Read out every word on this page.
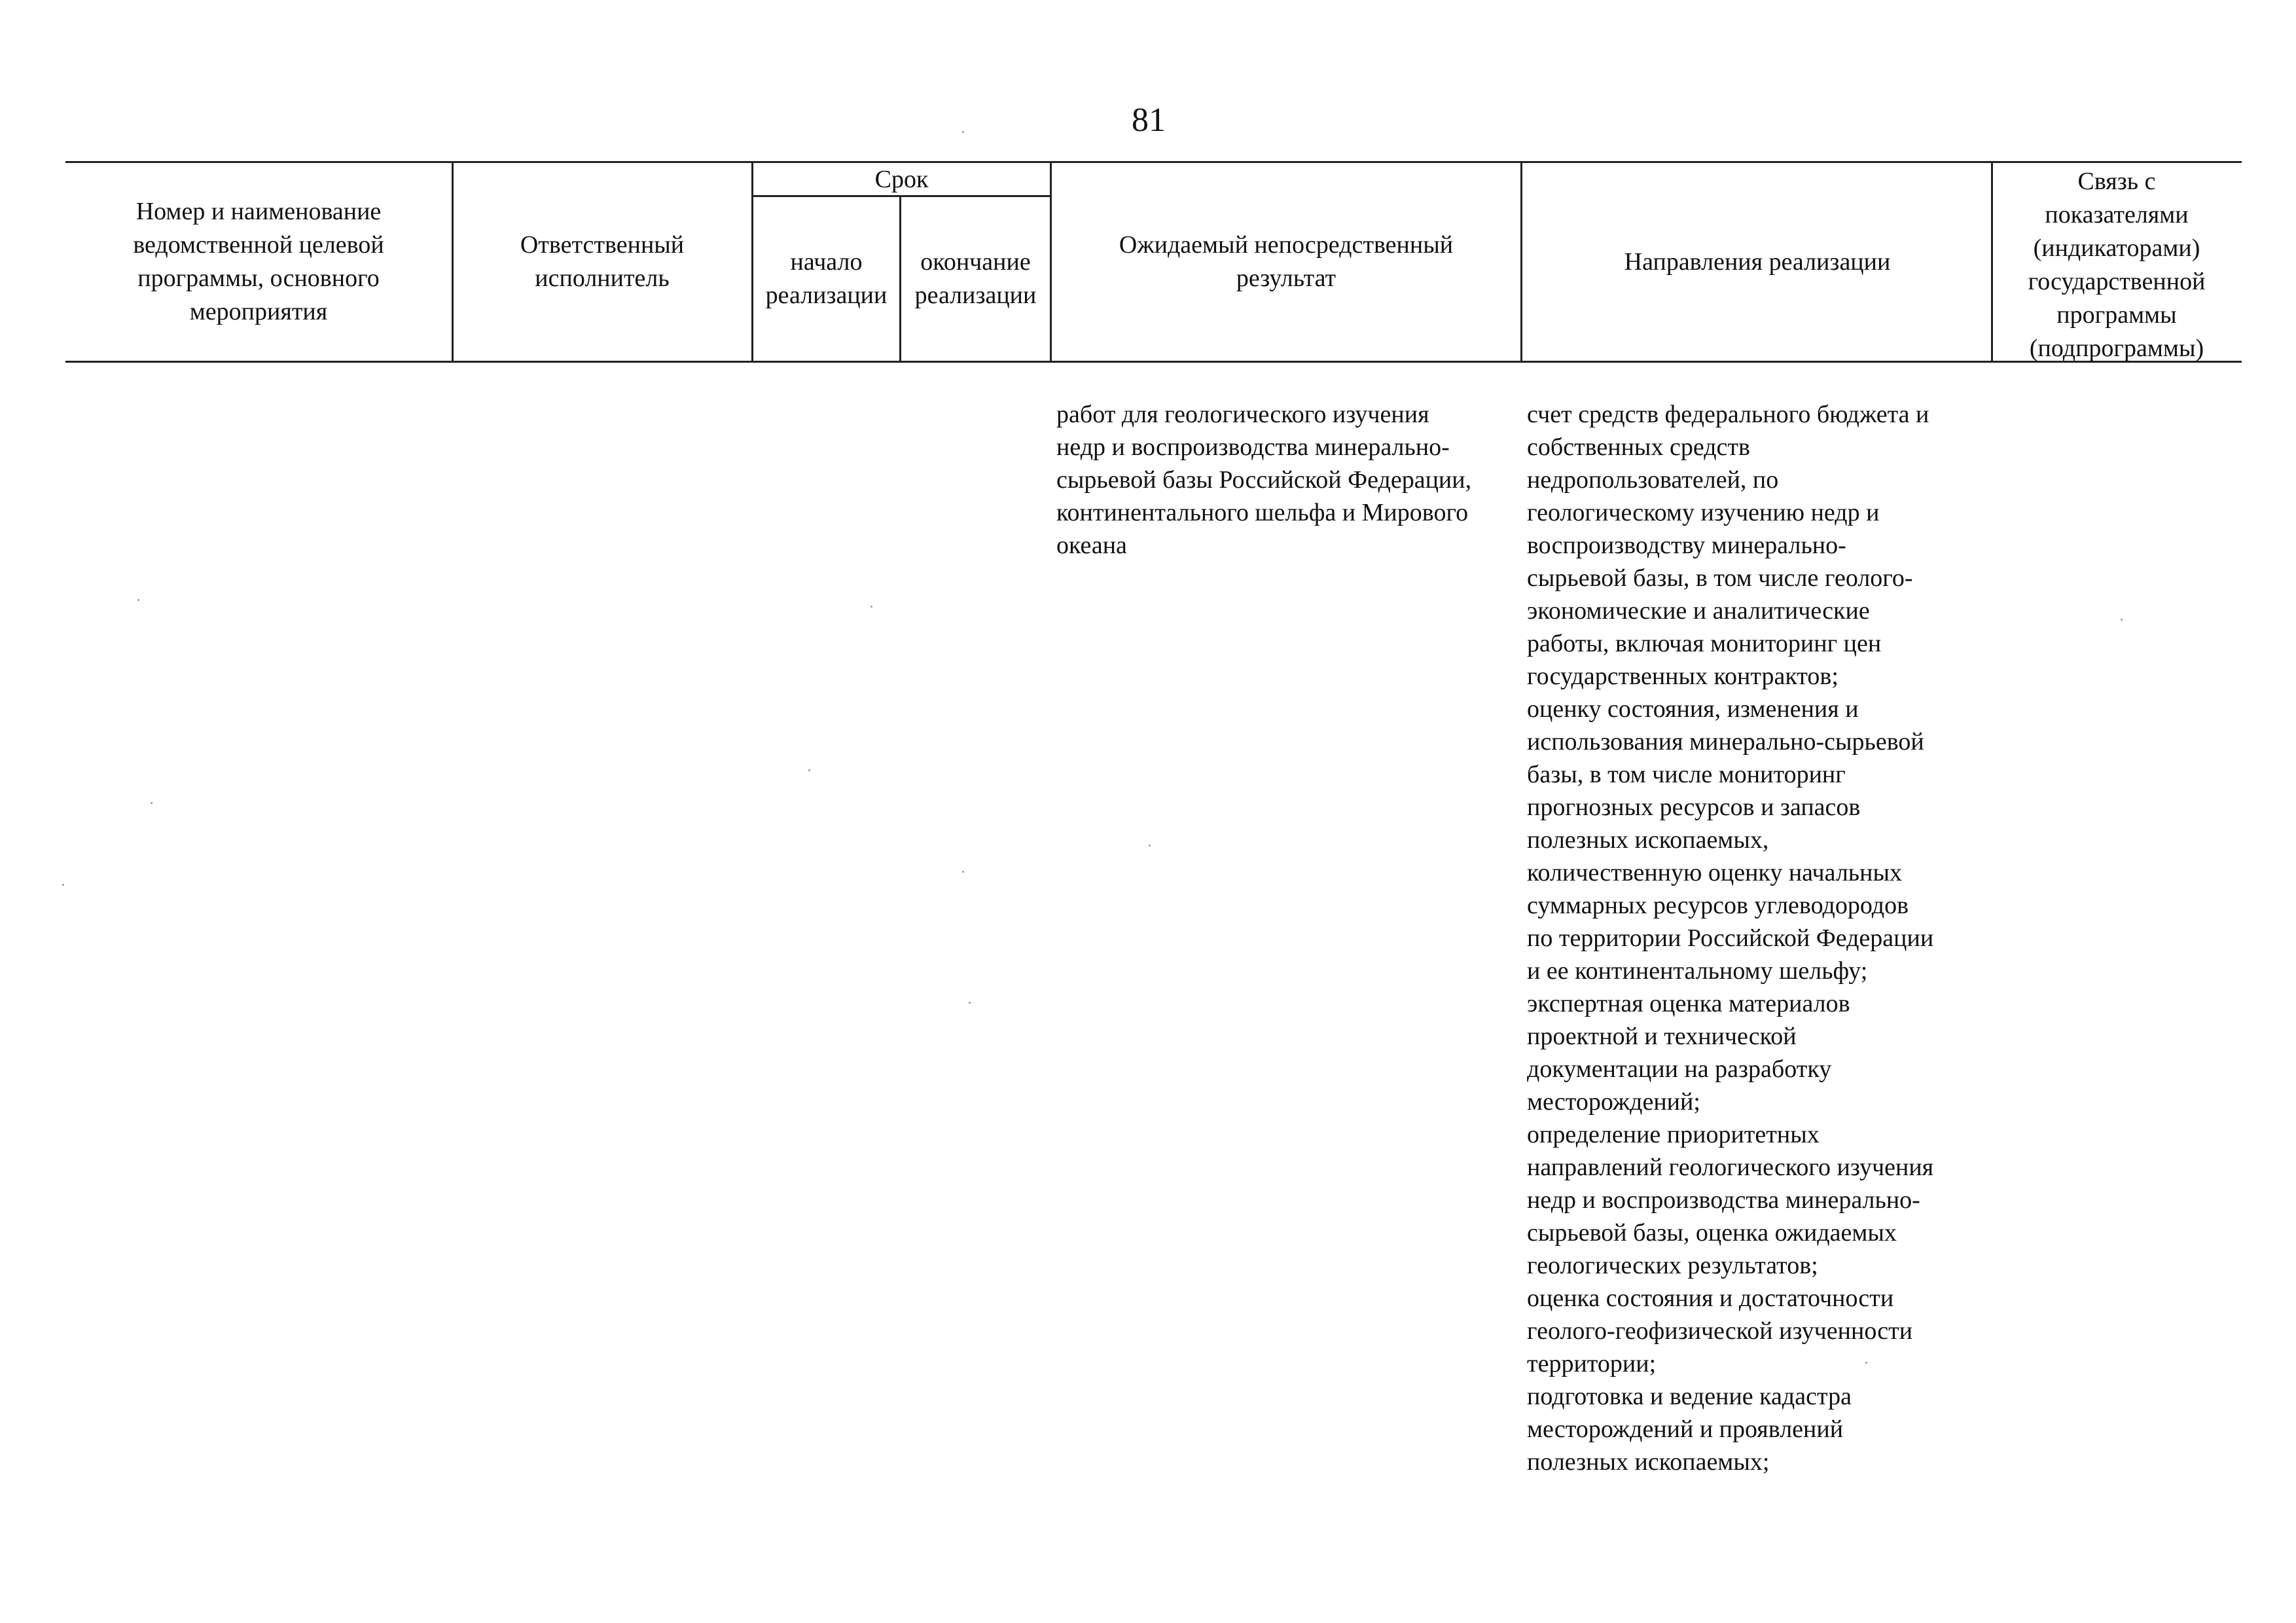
81
Номер и наименование ведомственной целевой программы, основного мероприятия
Ответственный исполнитель
Срок
начало реализации
окончание реализации
Ожидаемый непосредственный результат
Направления реализации
Связь с показателями (индикаторами) государственной программы (подпрограммы)
работ для геологического изучения
недр и воспроизводства минерально-
сырьевой базы Российской Федерации,
континентального шельфа и Мирового
океана
счет средств федерального бюджета и
собственных средств
недропользователей, по
геологическому изучению недр и
воспроизводству минерально-
сырьевой базы, в том числе геолого-
экономические и аналитические
работы, включая мониторинг цен
государственных контрактов;
оценку состояния, изменения и
использования минерально-сырьевой
базы, в том числе мониторинг
прогнозных ресурсов и запасов
полезных ископаемых,
количественную оценку начальных
суммарных ресурсов углеводородов
по территории Российской Федерации
и ее континентальному шельфу;
экспертная оценка материалов
проектной и технической
документации на разработку
месторождений;
определение приоритетных
направлений геологического изучения
недр и воспроизводства минерально-
сырьевой базы, оценка ожидаемых
геологических результатов;
оценка состояния и достаточности
геолого-геофизической изученности
территории;
подготовка и ведение кадастра
месторождений и проявлений
полезных ископаемых;
